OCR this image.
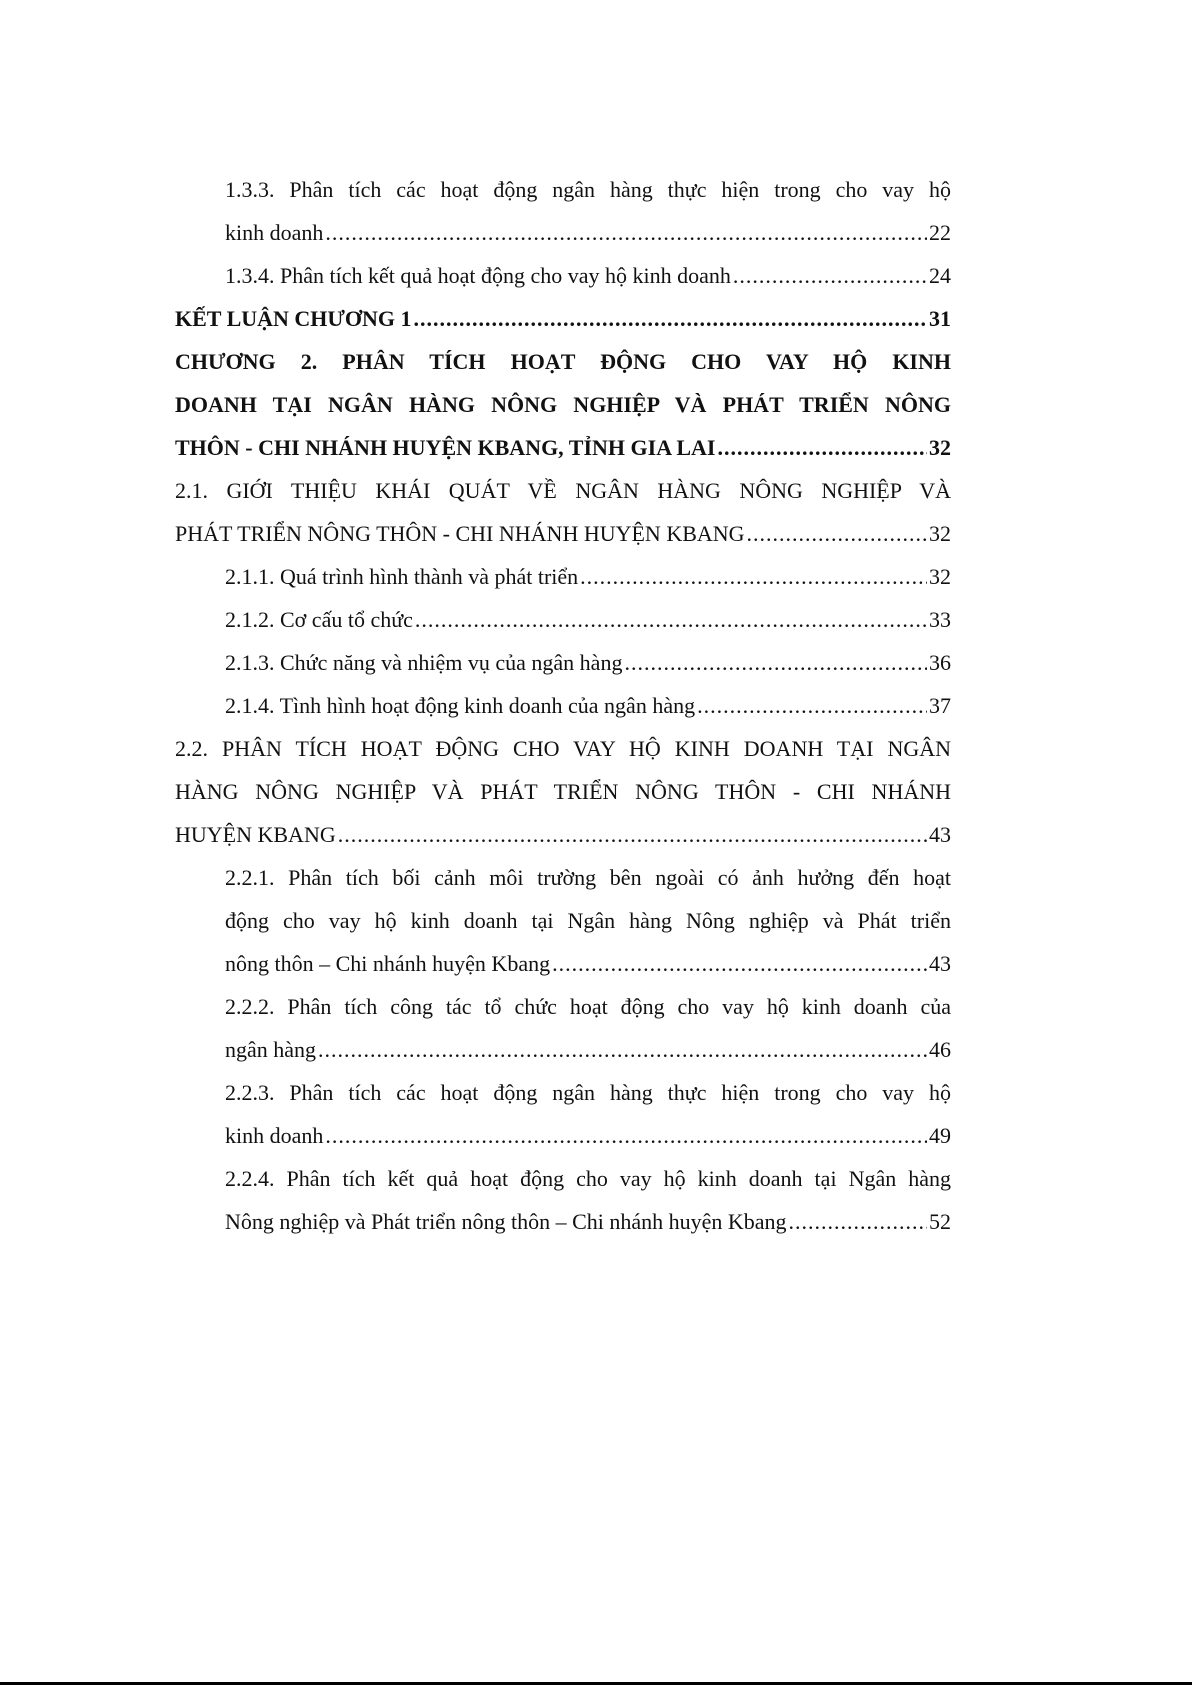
1.3.3. Phân tích các hoạt động ngân hàng thực hiện trong cho vay hộ
kinh doanh .....	22
1.3.4. Phân tích kết quả hoạt động cho vay hộ kinh doanh .....	24
KẾT LUẬN CHƯƠNG 1 .....	31
CHƯƠNG 2. PHÂN TÍCH HOẠT ĐỘNG CHO VAY HỘ KINH
DOANH TẠI NGÂN HÀNG NÔNG NGHIỆP VÀ PHÁT TRIỂN NÔNG
THÔN - CHI NHÁNH HUYỆN KBANG, TỈNH GIA LAI .....	32
2.1. GIỚI THIỆU KHÁI QUÁT VỀ NGÂN HÀNG NÔNG NGHIỆP VÀ
PHÁT TRIỂN NÔNG THÔN - CHI NHÁNH HUYỆN KBANG .....	32
2.1.1. Quá trình hình thành và phát triển .....	32
2.1.2. Cơ cấu tổ chức .....	33
2.1.3. Chức năng và nhiệm vụ của ngân hàng .....	36
2.1.4. Tình hình hoạt động kinh doanh của ngân hàng .....	37
2.2. PHÂN TÍCH HOẠT ĐỘNG CHO VAY HỘ KINH DOANH TẠI NGÂN
HÀNG NÔNG NGHIỆP VÀ PHÁT TRIỂN NÔNG THÔN - CHI NHÁNH
HUYỆN KBANG .....	43
2.2.1. Phân tích bối cảnh môi trường bên ngoài có ảnh hưởng đến hoạt
động cho vay hộ kinh doanh tại Ngân hàng Nông nghiệp và Phát triển
nông thôn – Chi nhánh huyện Kbang .....	43
2.2.2. Phân tích công tác tổ chức hoạt động cho vay hộ kinh doanh của
ngân hàng .....	46
2.2.3. Phân tích các hoạt động ngân hàng thực hiện trong cho vay hộ
kinh doanh .....	49
2.2.4. Phân tích kết quả hoạt động cho vay hộ kinh doanh tại Ngân hàng
Nông nghiệp và Phát triển nông thôn – Chi nhánh huyện Kbang .....	52
